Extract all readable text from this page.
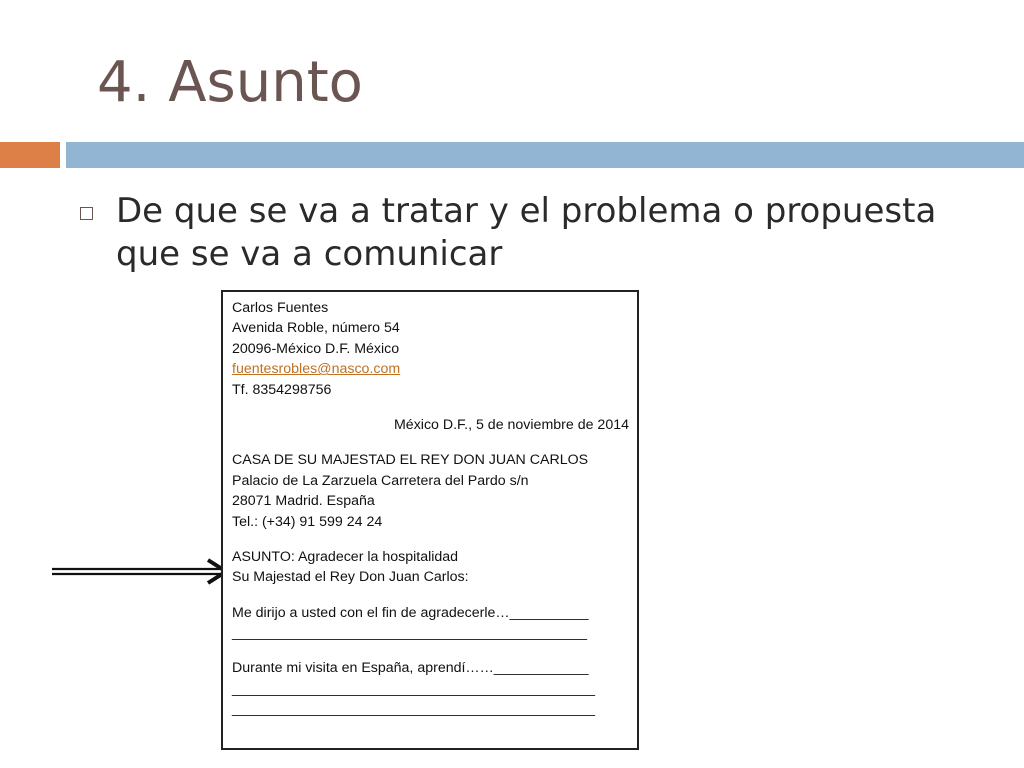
4. Asunto
De que se va a tratar y el problema o propuesta que se va a comunicar
Carlos Fuentes
Avenida Roble, número 54
20096-México D.F. México
fuentesrobles@nasco.com
Tf. 8354298756
México D.F., 5 de noviembre de 2014
CASA DE SU MAJESTAD EL REY DON JUAN CARLOS
Palacio de La Zarzuela Carretera del Pardo s/n
28071 Madrid. España
Tel.: (+34) 91 599 24 24
ASUNTO: Agradecer la hospitalidad
Su Majestad el Rey Don Juan Carlos:
Me dirijo a usted con el fin de agradecerle…__________
_____________________________________________
Durante mi visita en España, aprendí……____________
______________________________________________
______________________________________________
